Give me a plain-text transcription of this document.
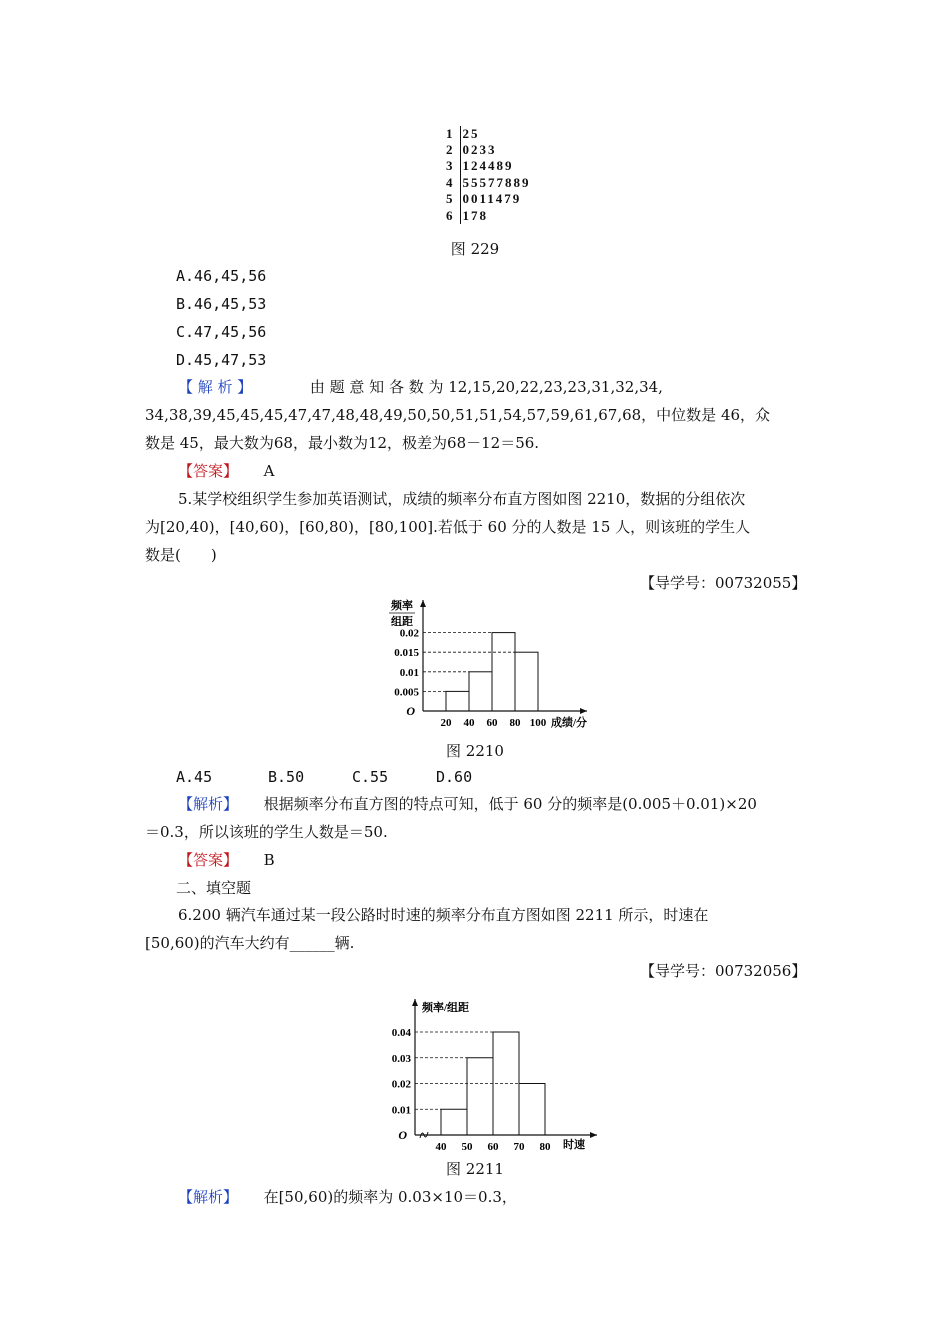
1 25
2 0233
3 124489
4 55577889
5 0011479
6 178
图 229
A.46,45,56
B.46,45,53
C.47,45,56
D.45,47,53
【 解 析 】	由 题 意 知 各 数 为 12,15,20,22,23,23,31,32,34,
34,38,39,45,45,45,47,47,48,48,49,50,50,51,51,54,57,59,61,67,68，中位数是 46，众
数是 45，最大数为68，最小数为12，极差为68－12＝56.
【答案】 A
5.某学校组织学生参加英语测试，成绩的频率分布直方图如图 2210，数据的分组依次
为[20,40)，[40,60)，[60,80)，[80,100].若低于 60 分的人数是 15 人，则该班的学生人
数是(　　)
【导学号：00732055】
O
0.005
0.01
0.015
0.02
20 40 60 80 100
频率
组距
成绩/分
图 2210
A.45	B.50	C.55	D.60
【解析】 根据频率分布直方图的特点可知，低于 60 分的频率是(0.005＋0.01)×20
＝0.3，所以该班的学生人数是＝50.
【答案】 B
二、填空题
6.200 辆汽车通过某一段公路时时速的频率分布直方图如图 2211 所示，时速在
[50,60)的汽车大约有______辆.
【导学号：00732056】
O
0.01
0.02
0.03
0.04
40 50 60 70 80
频率/组距
时速
图 2211
【解析】 在[50,60)的频率为 0.03×10＝0.3，
